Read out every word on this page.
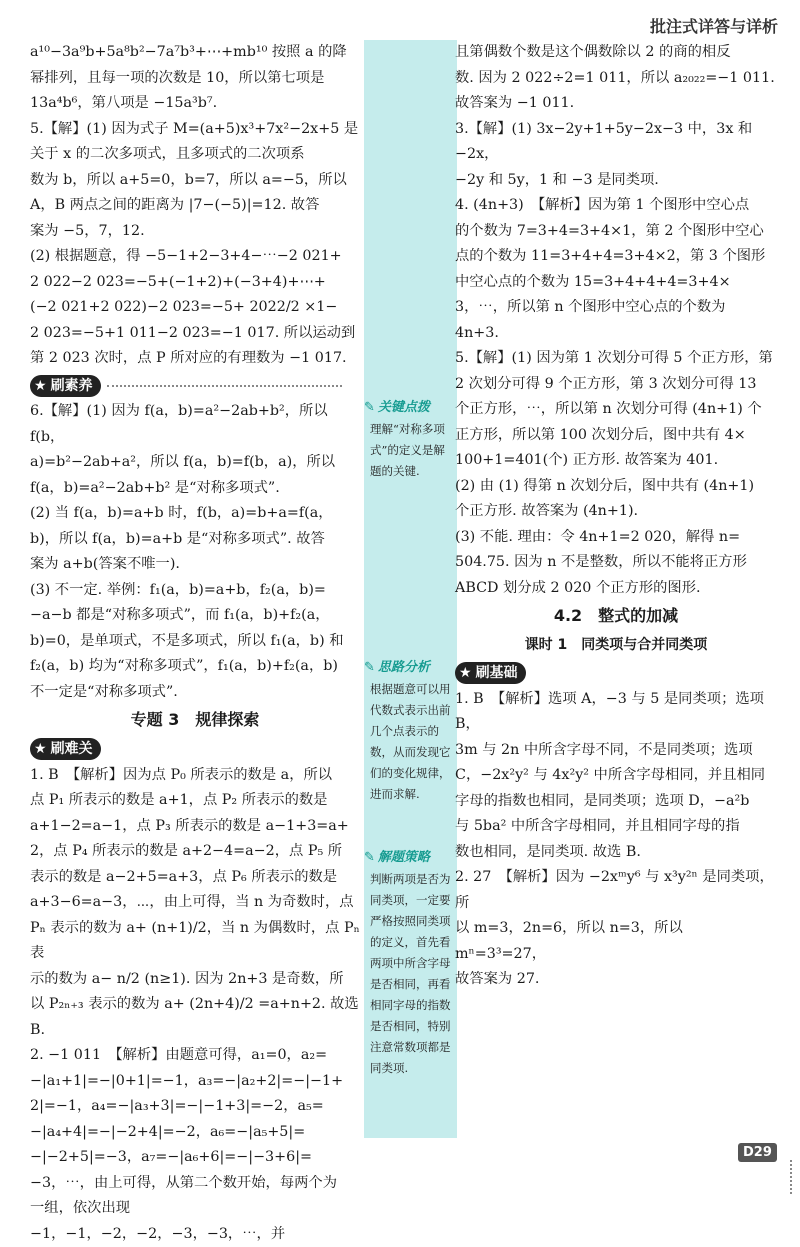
批注式详答与详析

a¹⁰−3a⁹b+5a⁸b²−7a⁷b³+⋯+mb¹⁰ 按照 a 的降

幂排列，且每一项的次数是 10，所以第七项是

13a⁴b⁶，第八项是 −15a³b⁷.

5.【解】(1) 因为式子 M=(a+5)x³+7x²−2x+5 是

关于 x 的二次多项式，且多项式的二次项系

数为 b，所以 a+5=0，b=7，所以 a=−5，所以

A，B 两点之间的距离为 |7−(−5)|=12. 故答

案为 −5，7，12.

(2) 根据题意，得 −5−1+2−3+4−⋯−2 021+

2 022−2 023=−5+(−1+2)+(−3+4)+⋯+

(−2 021+2 022)−2 023=−5+ 2022/2 ×1−

2 023=−5+1 011−2 023=−1 017. 所以运动到

第 2 023 次时，点 P 所对应的有理数为 −1 017.

★ 刷素养

6.【解】(1) 因为 f(a，b)=a²−2ab+b²，所以 f(b，

a)=b²−2ab+a²，所以 f(a，b)=f(b，a)，所以

f(a，b)=a²−2ab+b² 是“对称多项式”.

(2) 当 f(a，b)=a+b 时，f(b，a)=b+a=f(a，

b)，所以 f(a，b)=a+b 是“对称多项式”. 故答

案为 a+b(答案不唯一).

(3) 不一定. 举例：f₁(a，b)=a+b，f₂(a，b)=

−a−b 都是“对称多项式”，而 f₁(a，b)+f₂(a，

b)=0，是单项式，不是多项式，所以 f₁(a，b) 和

f₂(a，b) 均为“对称多项式”，f₁(a，b)+f₂(a，b)

不一定是“对称多项式”.

专题 3　规律探索
★ 刷难关

1. B　【解析】因为点 P₀ 所表示的数是 a，所以

点 P₁ 所表示的数是 a+1，点 P₂ 所表示的数是

a+1−2=a−1，点 P₃ 所表示的数是 a−1+3=a+

2，点 P₄ 所表示的数是 a+2−4=a−2，点 P₅ 所

表示的数是 a−2+5=a+3，点 P₆ 所表示的数是

a+3−6=a−3，⋯，由上可得，当 n 为奇数时，点

Pₙ 表示的数为 a+ (n+1)/2，当 n 为偶数时，点 Pₙ 表

示的数为 a− n/2 (n≥1). 因为 2n+3 是奇数，所

以 P₂ₙ₊₃ 表示的数为 a+ (2n+4)/2 =a+n+2. 故选 B.

2. −1 011　【解析】由题意可得，a₁=0，a₂=

−|a₁+1|=−|0+1|=−1，a₃=−|a₂+2|=−|−1+

2|=−1，a₄=−|a₃+3|=−|−1+3|=−2，a₅=

−|a₄+4|=−|−2+4|=−2，a₆=−|a₅+5|=

−|−2+5|=−3，a₇=−|a₆+6|=−|−3+6|=

−3，⋯，由上可得，从第二个数开始，每两个为

一组，依次出现 −1，−1，−2，−2，−3，−3，⋯，并

✎ 关键点拨
理解“对称多项式”的定义是解题的关键.
✎ 思路分析
根据题意可以用代数式表示出前几个点表示的数，从而发现它们的变化规律，进而求解.
✎ 解题策略
判断两项是否为同类项，一定要严格按照同类项的定义，首先看两项中所含字母是否相同，再看相同字母的指数是否相同，特别注意常数项都是同类项.

且第偶数个数是这个偶数除以 2 的商的相反

数. 因为 2 022÷2=1 011，所以 a₂₀₂₂=−1 011.

故答案为 −1 011.

3.【解】(1) 3x−2y+1+5y−2x−3 中，3x 和 −2x，

−2y 和 5y，1 和 −3 是同类项.

4. (4n+3)　【解析】因为第 1 个图形中空心点

的个数为 7=3+4=3+4×1，第 2 个图形中空心

点的个数为 11=3+4+4=3+4×2，第 3 个图形

中空心点的个数为 15=3+4+4+4=3+4×

3，⋯，所以第 n 个图形中空心点的个数为

4n+3.

5.【解】(1) 因为第 1 次划分可得 5 个正方形，第

2 次划分可得 9 个正方形，第 3 次划分可得 13

个正方形，⋯，所以第 n 次划分可得 (4n+1) 个

正方形，所以第 100 次划分后，图中共有 4×

100+1=401(个) 正方形. 故答案为 401.

(2) 由 (1) 得第 n 次划分后，图中共有 (4n+1)

个正方形. 故答案为 (4n+1).

(3) 不能. 理由：令 4n+1=2 020，解得 n=

504.75. 因为 n 不是整数，所以不能将正方形

ABCD 划分成 2 020 个正方形的图形.

4.2　整式的加减
课时 1　同类项与合并同类项
★ 刷基础

1. B　【解析】选项 A，−3 与 5 是同类项；选项 B，

3m 与 2n 中所含字母不同，不是同类项；选项

C，−2x²y² 与 4x²y² 中所含字母相同，并且相同

字母的指数也相同，是同类项；选项 D，−a²b

与 5ba² 中所含字母相同，并且相同字母的指

数也相同，是同类项. 故选 B.

2. 27　【解析】因为 −2xᵐy⁶ 与 x³y²ⁿ 是同类项，所

以 m=3，2n=6，所以 n=3，所以 mⁿ=3³=27，

故答案为 27.

D29
